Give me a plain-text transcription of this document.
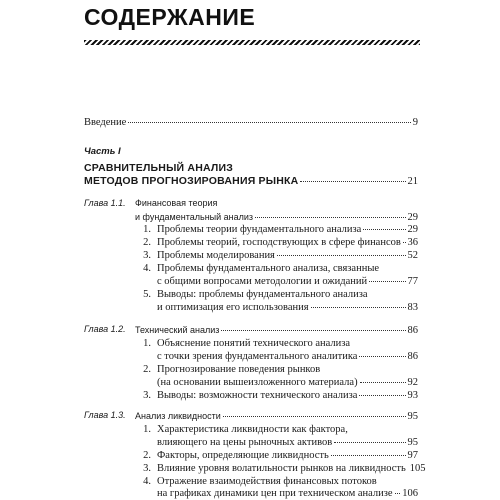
СОДЕРЖАНИЕ
Введение	9
Часть I
СРАВНИТЕЛЬНЫЙ АНАЛИЗ
МЕТОДОВ ПРОГНОЗИРОВАНИЯ РЫНКА	21
Глава 1.1. Финансовая теория
и фундаментальный анализ	29
1. Проблемы теории фундаментального анализа	29
2. Проблемы теорий, господствующих в сфере финансов 36
3. Проблемы моделирования	52
4. Проблемы фундаментального анализа, связанные
с общими вопросами методологии и ожиданий	77
5. Выводы: проблемы фундаментального анализа
и оптимизация его использования	83
Глава 1.2. Технический анализ	86
1. Объяснение понятий технического анализа
с точки зрения фундаментального аналитика	86
2. Прогнозирование поведения рынков
(на основании вышеизложенного материала)	92
3. Выводы: возможности технического анализа	93
Глава 1.3. Анализ ликвидности	95
1. Характеристика ликвидности как фактора,
влияющего на цены рыночных активов	95
2. Факторы, определяющие ликвидность	97
3. Влияние уровня волатильности рынков на ликвидность 105
4. Отражение взаимодействия финансовых потоков
на графиках динамики цен при техническом анализе 106
